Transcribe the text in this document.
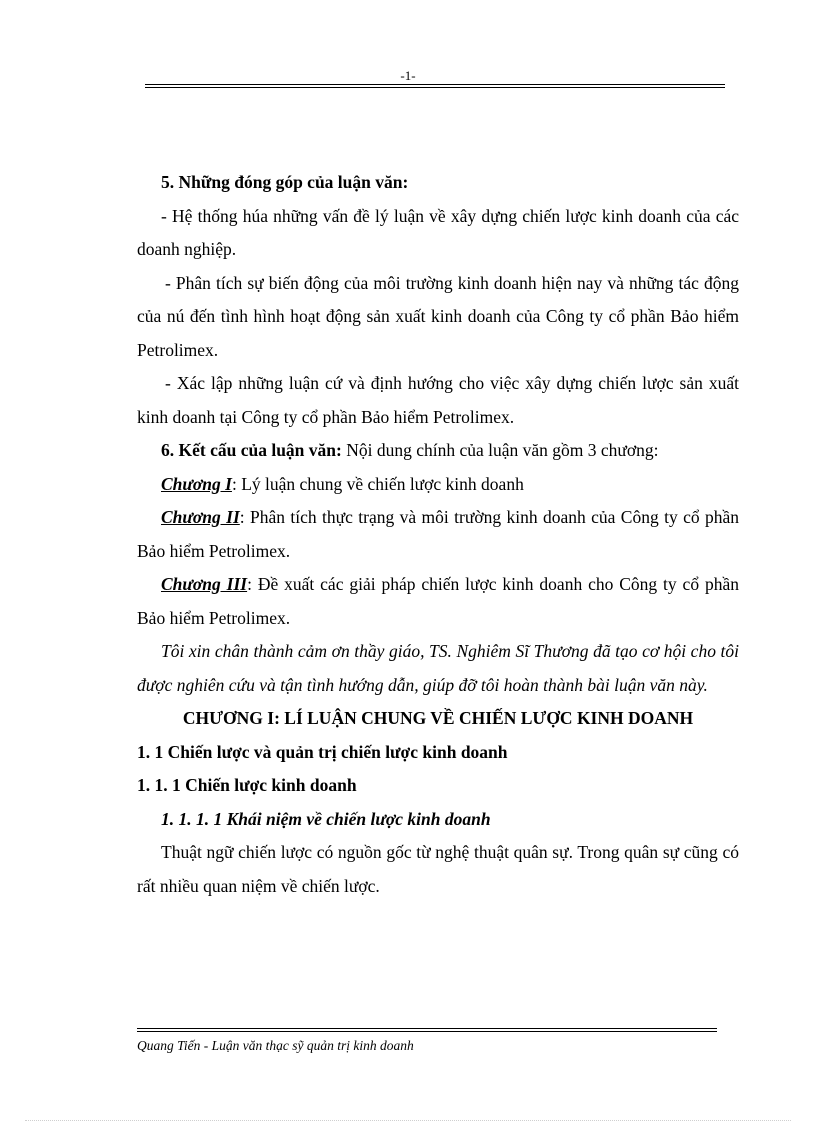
-1-

5. Những đóng góp của luận văn:

- Hệ thống húa những vấn đề lý luận về xây dựng chiến lược kinh doanh của các doanh nghiệp.

- Phân tích sự biến động của môi trường kinh doanh hiện nay và những tác động của nú đến tình hình hoạt động sản xuất kinh doanh của Công ty cổ phần Bảo hiểm Petrolimex.

- Xác lập những luận cứ và định hướng cho việc xây dựng chiến lược sản xuất kinh doanh tại Công ty cổ phần Bảo hiểm Petrolimex.

6. Kết cấu của luận văn: Nội dung chính của luận văn gồm 3 chương:

Chương I: Lý luận chung về chiến lược kinh doanh

Chương II: Phân tích thực trạng và môi trường kinh doanh của Công ty cổ phần Bảo hiểm Petrolimex.

Chương III: Đề xuất các giải pháp chiến lược kinh doanh cho Công ty cổ phần Bảo hiểm Petrolimex.

Tôi xin chân thành cảm ơn thầy giáo, TS. Nghiêm Sĩ Thương đã tạo cơ hội cho tôi được nghiên cứu và tận tình hướng dẫn, giúp đỡ tôi hoàn thành bài luận văn này.

CHƯƠNG I: LÍ LUẬN CHUNG VỀ CHIẾN LƯỢC KINH DOANH

1. 1 Chiến lược và quản trị chiến lược kinh doanh

1. 1. 1 Chiến lược kinh doanh

1. 1. 1. 1 Khái niệm về chiến lược kinh doanh

Thuật ngữ chiến lược có nguồn gốc từ nghệ thuật quân sự. Trong quân sự cũng có rất nhiều quan niệm về chiến lược.

Quang Tiến - Luận văn thạc sỹ quản trị kinh doanh
